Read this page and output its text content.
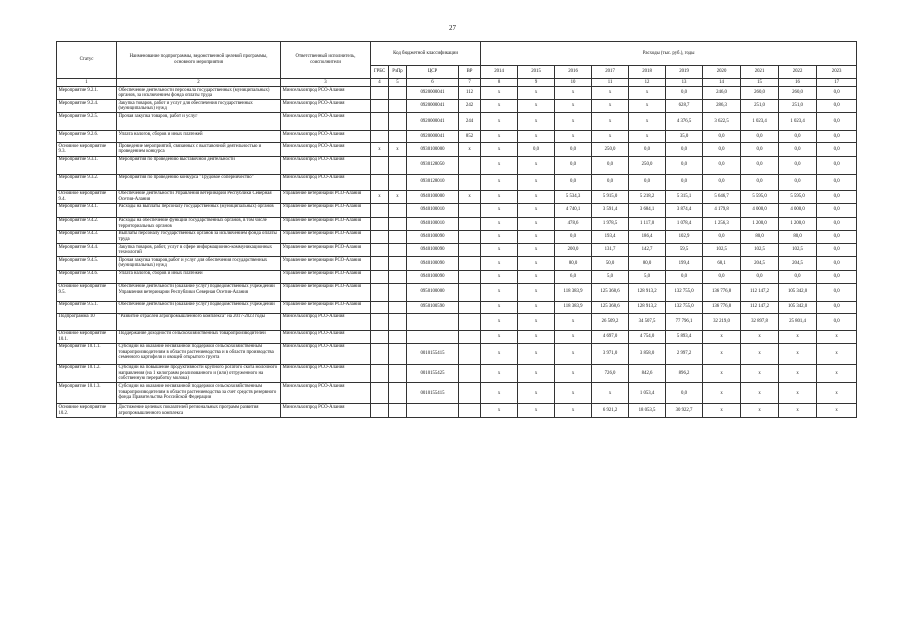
27
Статус	Наименование подпрограммы, ведомственной целевой программы, основного мероприятия	Ответственный исполнитель, соисполнители	Код бюджетной классификации				Расходы (тыс. руб.), годы									
			ГРБС	РзПр	ЦСР	ВР	2014	2015	2016	2017	2018	2019	2020	2021	2022	2023
1	2	3	4	5	6	7	8	9	10	11	12	13	14	15	16	17
Мероприятие 9.2.1.	Обеспечение деятельности персонала государственных (муниципальных) органов, за исключением фонда оплаты труда	Минсельхозпрод РСО-Алания			0920000041	112	x	x	x	x	x	0,0	246,0	260,0	260,0	0,0
Мероприятие 9.2.4.	Закупка товаров, работ и услуг для обеспечения государственных (муниципальных) нужд	Минсельхозпрод РСО-Алания			0920000041	242	x	x	x	x	x	628,7	286,3	251,0	251,0	0,0
Мероприятие 9.2.5.	Прочая закупка товаров, работ и услуг	Минсельхозпрод РСО-Алания			0920000041	244	x	x	x	x	x	4 376,5	3 622,5	1 023,4	1 023,4	0,0
Мероприятие 9.2.6.	Уплата налогов, сборов и иных платежей	Минсельхозпрод РСО-Алания			0920000041	852	x	x	x	x	x	35,0	0,0	0,0	0,0	0,0
Основное мероприятие 9.3.	Проведение мероприятий, связанных с выставочной деятельностью и проведением конкурса	Минсельхозпрод РСО-Алания	x	x	0930100000	x	x	0,0	0,0	250,0	0,0	0,0	0,0	0,0	0,0	0,0
Мероприятие 9.3.1.	Мероприятия по проведению выставочной деятельности	Минсельхозпрод РСО-Алания			0930128050		x	x	0,0	0,0	250,0	0,0	0,0	0,0	0,0	0,0
Мероприятие 9.3.2.	Мероприятия по проведению конкурса "Трудовое соперничество"	Минсельхозпрод РСО-Алания			0930128010		x	x	0,0	0,0	0,0	0,0	0,0	0,0	0,0	0,0
Основное мероприятие 9.4.	Обеспечение деятельности Управления ветеринарии Республики Северная Осетия-Алания	Управление ветеринарии РСО-Алания	x	x	0940100000	x	x	x	5 534,3	5 915,0	5 218,2	5 315,1	5 646,7	5 595,0	5 595,0	0,0
Мероприятие 9.4.1.	Расходы на выплаты персоналу государственных (муниципальных) органов	Управление ветеринарии РСО-Алания			0940100010		x	x	4 740,1	3 591,4	3 684,1	3 874,4	4 179,8	4 000,0	4 000,0	0,0
Мероприятие 9.4.2.	Расходы на обеспечение функций государственных органов, в том числе территориальных органов	Управление ветеринарии РСО-Алания			0940100010		x	x	478,6	1 978,5	1 117,0	1 078,4	1 256,3	1 200,0	1 200,0	0,0
Мероприятие 9.4.3.	Выплаты персоналу государственных органов за исключением фонда оплаты труда	Управление ветеринарии РСО-Алания			0940100090		x	x	0,0	193,4	186,4	102,9	0,0	80,0	80,0	0,0
Мероприятие 9.4.4.	Закупка товаров, работ, услуг в сфере информационно-коммуникационных технологий	Управление ветеринарии РСО-Алания			0940100090		x	x	200,0	131,7	142,7	59,5	102,5	102,5	102,5	0,0
Мероприятие 9.4.5.	Прочая закупка товаров,работ и услуг для обеспечения государственных (муниципальных) нужд	Управление ветеринарии РСО-Алания			0940100090		x	x	80,0	50,0	80,0	199,4	68,1	204,5	204,5	0,0
Мероприятие 9.4.6.	Уплата налогов, сборов и иных платежей	Управление ветеринарии РСО-Алания			0940100090		x	x	6,0	5,0	5,0	0,0	0,0	0,0	0,0	0,0
Основное мероприятие 9.5.	Обеспечение деятельности (оказание услуг) подведомственных учреждений Управления ветеринарии Республики Северная Осетия-Алания	Управление ветеринарии РСО-Алания			0950100000		x	x	118 383,9	125 368,6	128 913,2	132 755,0	136 776,8	112 147,2	105 342,0	0,0
Мероприятие 9.5.1.	Обеспечение деятельности (оказание услуг) подведомственных учреждений	Управление ветеринарии РСО-Алания			0950100590		x	x	118 383,9	125 368,6	128 913,2	132 755,0	136 776,8	112 147,2	105 342,0	0,0
Подпрограмма 10	"Развитие отраслей агропромышленного комплекса" на 2017-2023 годы	Минсельхозпрод РСО-Алания					x	x	x	26 509,2	34 507,5	77 796,1	32 219,0	32 897,8	25 801,4	0,0
Основное мероприятие 10.1.	Поддержание доходности сельскохозяйственных товаропроизводителей	Минсельхозпрод РСО-Алания					x	x	x	4 697,0	4 754,0	5 893,4	x	x	x	x
Мероприятие 10.1.1.	Субсидии на оказание несвязанной поддержки сельскохозяйственным товаропроизводителям в области растениеводства и в области производства семенного картофеля и овощей открытого грунта	Минсельхозпрод РСО-Алания			0010155415		x	x	x	3 971,0	3 858,0	2 997,2	x	x	x	x
Мероприятие 10.1.2.	Субсидии на повышение продуктивности крупного рогатого скота молочного направления (на 1 килограмм реализованного и (или) отгруженного на собственную переработку молока)	Минсельхозпрод РСО-Алания			0010155425		x	x	x	726,0	842,6	896,2	x	x	x	x
Мероприятие 10.1.3.	Субсидии на оказание несвязанной поддержки сельскохозяйственным товаропроизводителям в области растениеводства за счет средств резервного фонда Правительства Российской Федерации	Минсельхозпрод РСО-Алания			0010155415		x	x	x	x	1 053,4	0,0	x	x	x	x
Основное мероприятие 10.2.	Достижение целевых показателей региональных программ развития агропромышленного комплекса	Минсельхозпрод РСО-Алания					x	x	x	6 921,2	18 053,5	30 922,7	x	x	x	x
